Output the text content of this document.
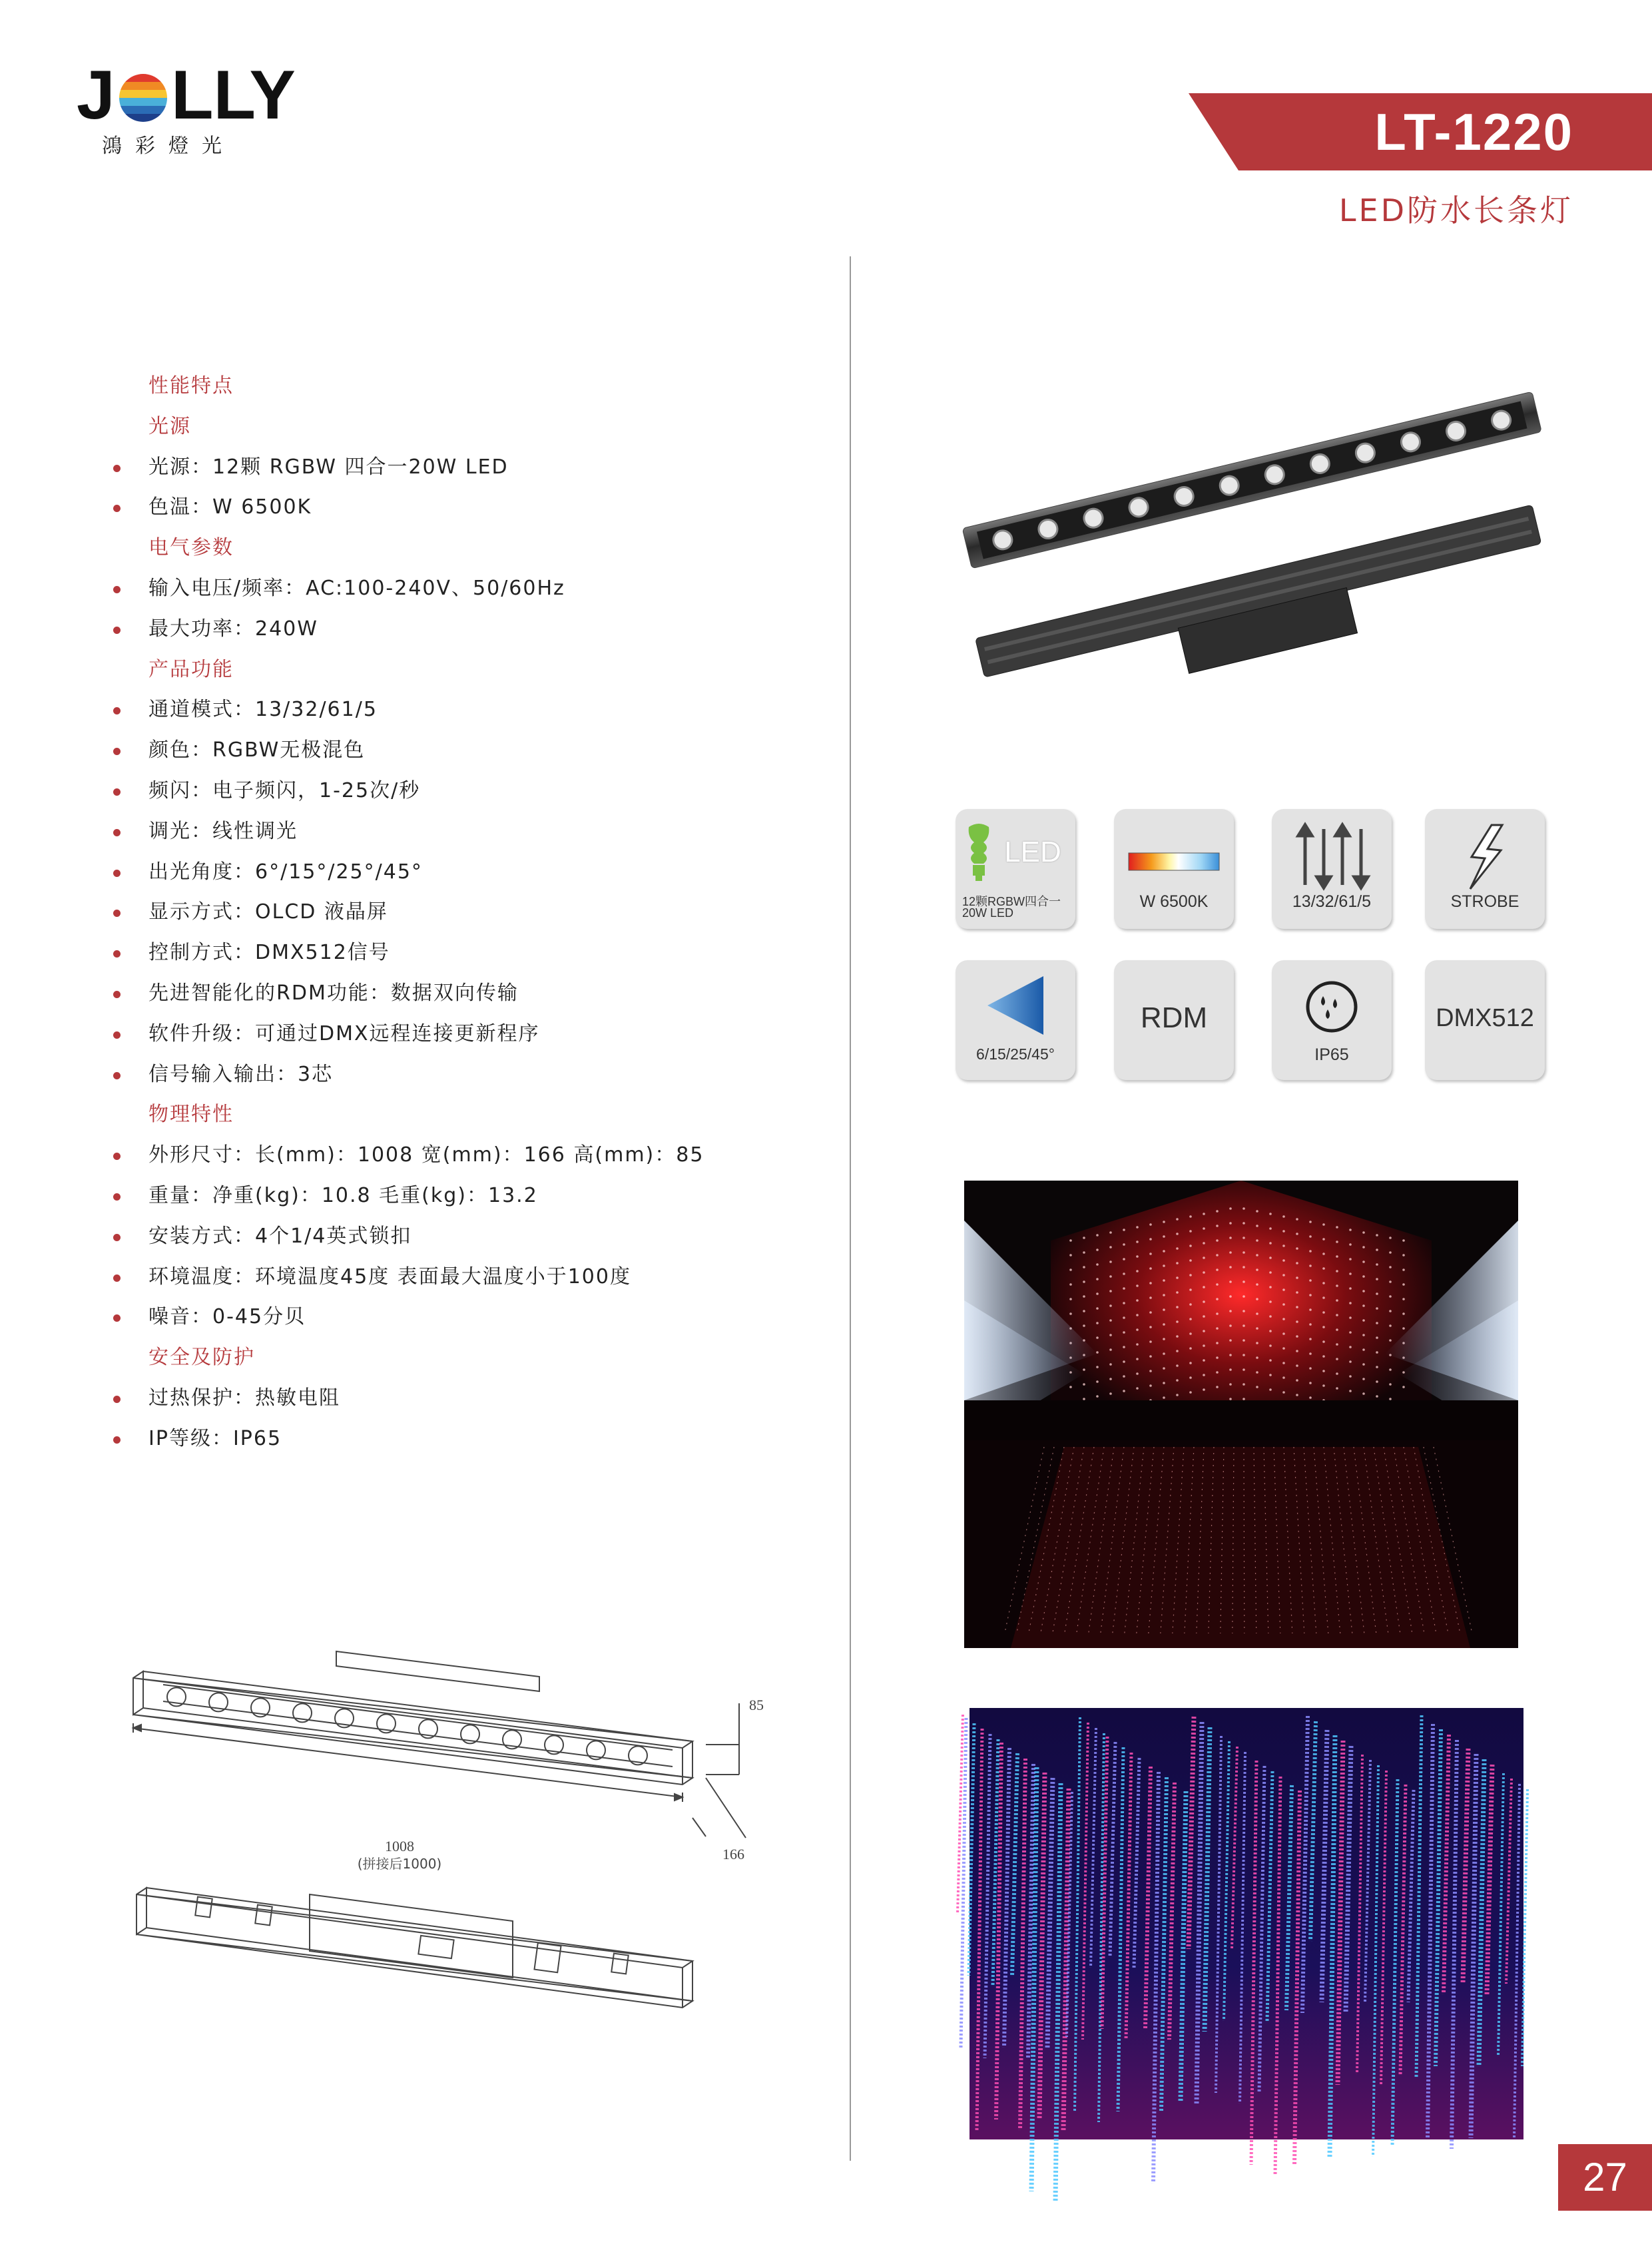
J LLY
鴻彩燈光	LT-1220
LED防水长条灯
性能特点
光源
光源：12颗 RGBW 四合一20W LED
色温：W 6500K
电气参数
输入电压/频率：AC:100-240V、50/60Hz
最大功率：240W
产品功能
通道模式：13/32/61/5
颜色：RGBW无极混色
频闪：电子频闪，1-25次/秒
调光：线性调光
出光角度：6°/15°/25°/45°
显示方式：OLCD 液晶屏
控制方式：DMX512信号
先进智能化的RDM功能：数据双向传输
软件升级：可通过DMX远程连接更新程序
信号输入输出：3芯
物理特性
外形尺寸：长(mm)：1008 宽(mm)：166 高(mm)：85
重量：净重(kg)：10.8 毛重(kg)：13.2
安装方式：4个1/4英式锁扣
环境温度：环境温度45度 表面最大温度小于100度
噪音：0-45分贝
安全及防护
过热保护：热敏电阻
IP等级：IP65
LED
12颗RGBW四合一
20W LED
W 6500K	13/32/61/5	STROBE
6/15/25/45°
RDM
IP65
DMX512
85
1008
(拼接后1000)
166
27
